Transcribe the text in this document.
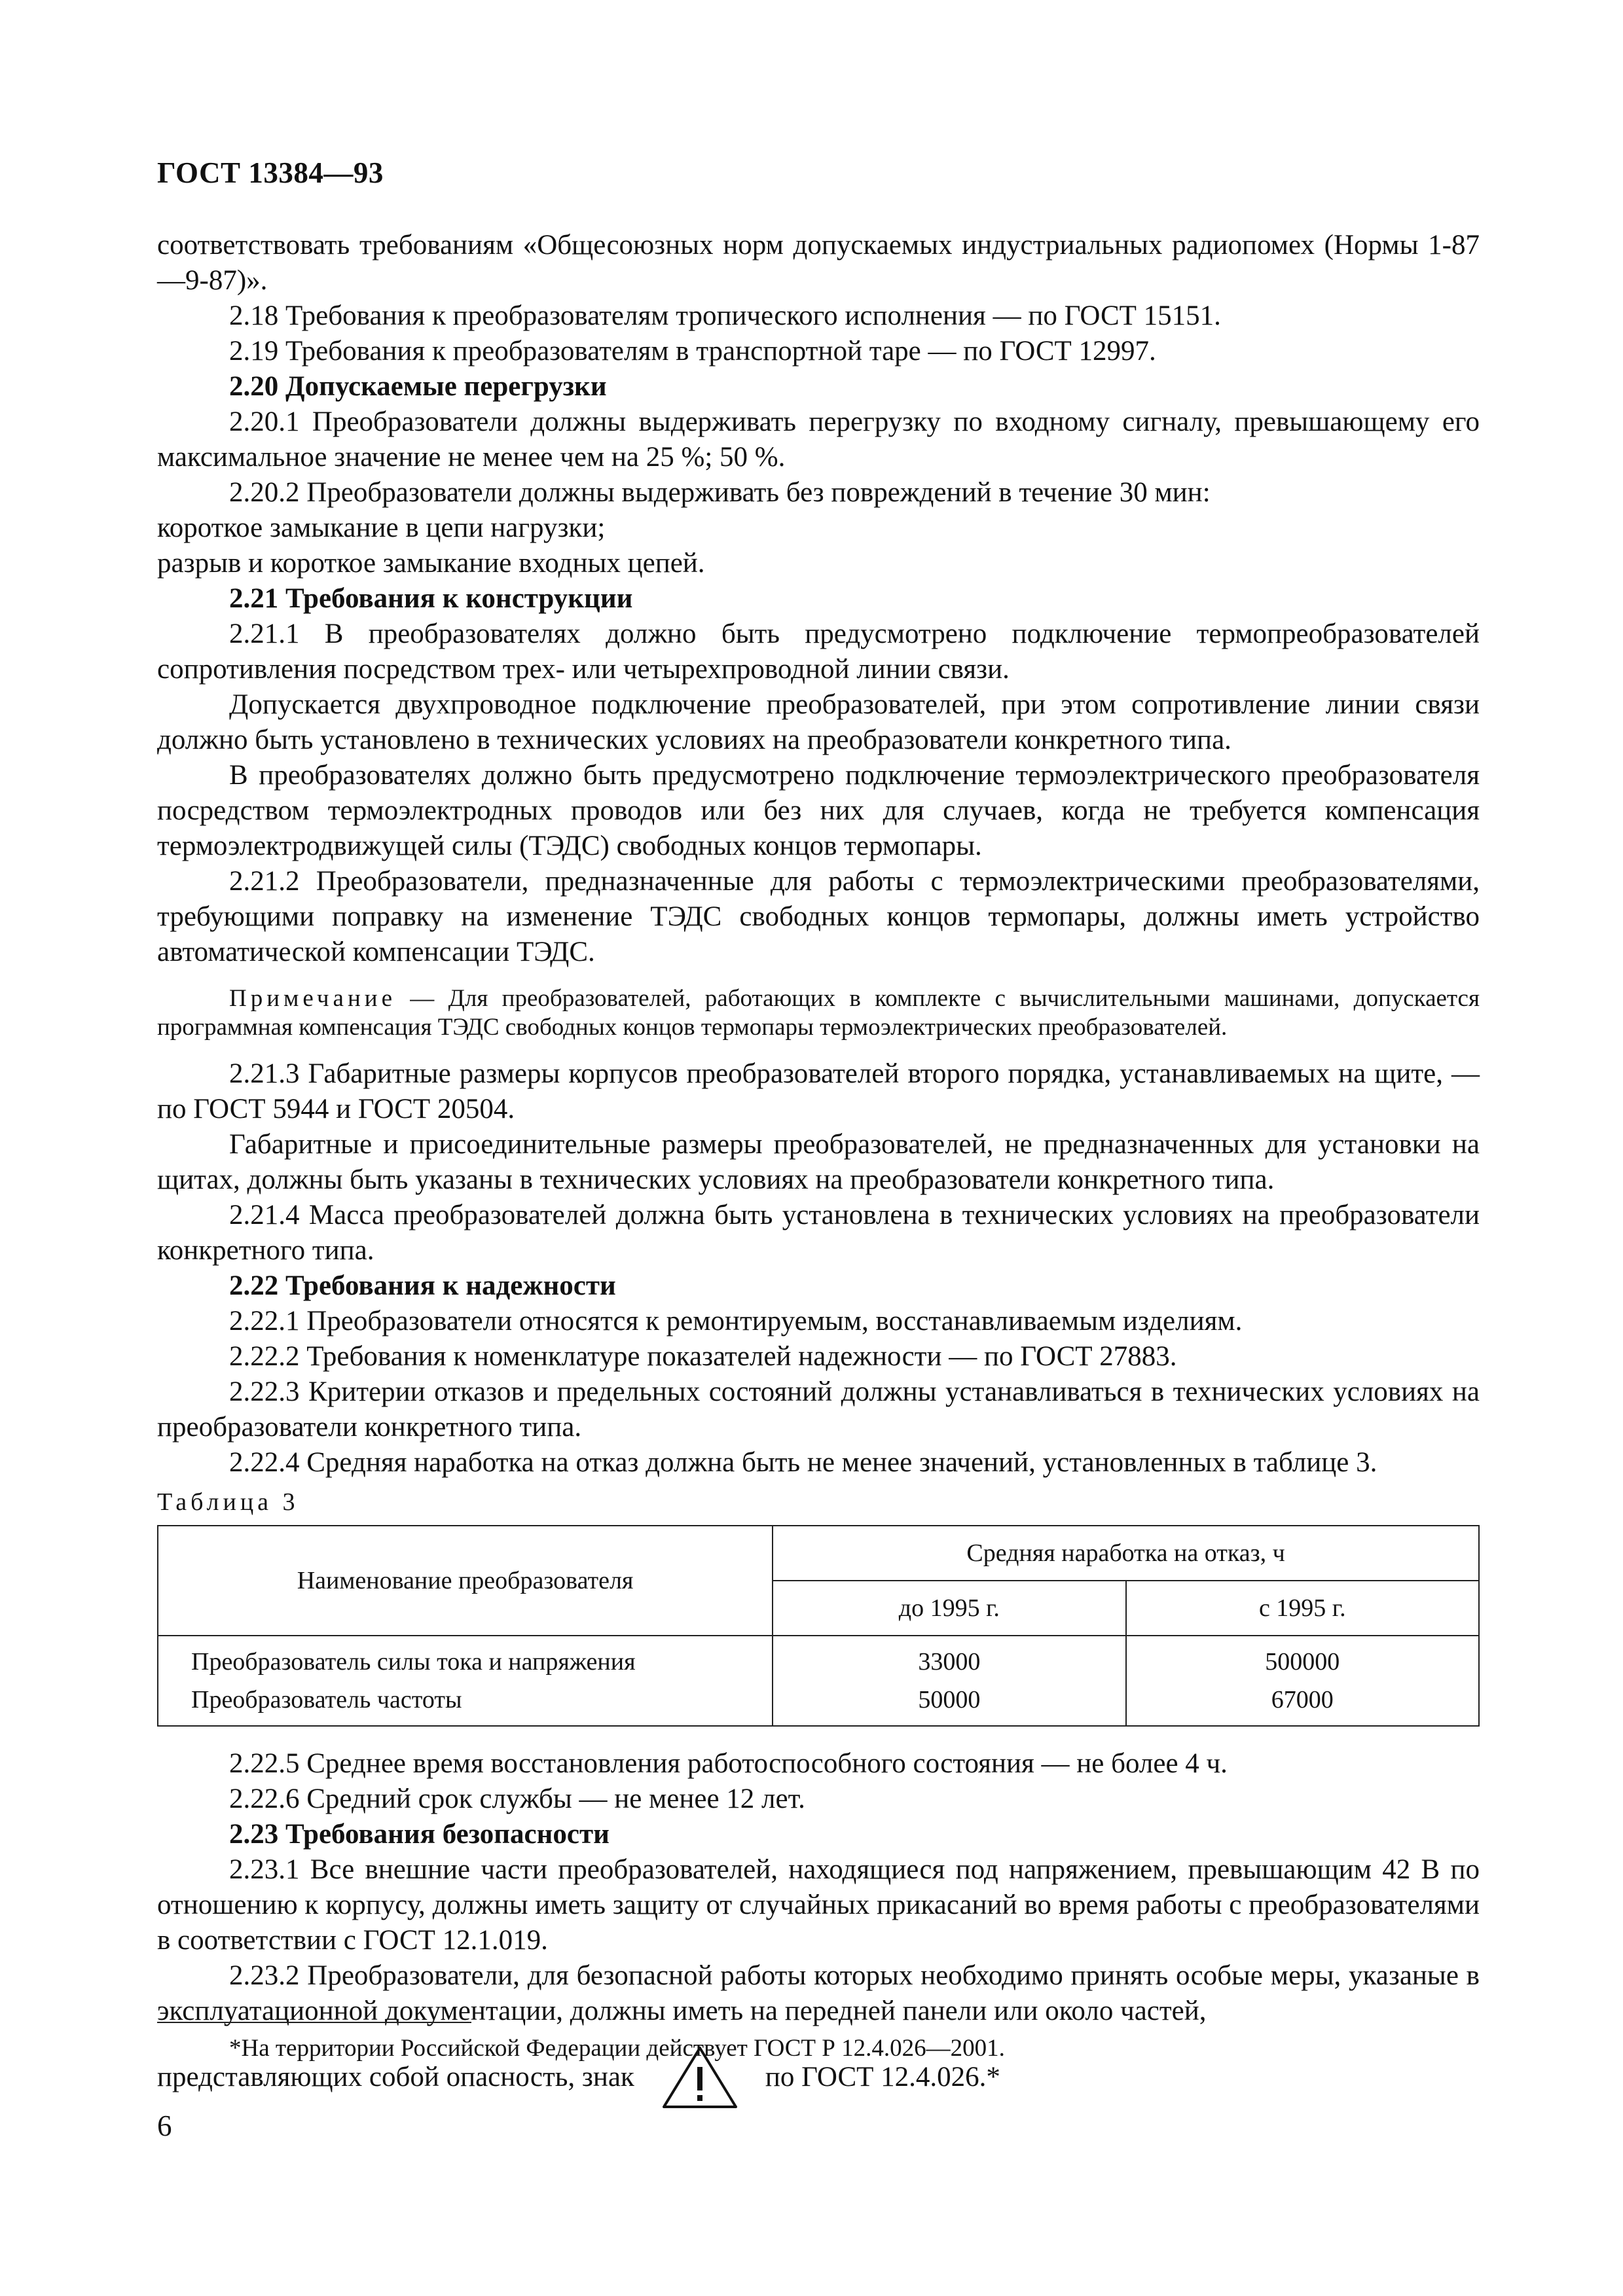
ГОСТ 13384—93

соответствовать требованиям «Общесоюзных норм допускаемых индустриальных радиопомех (Нормы 1-87—9-87)».

2.18 Требования к преобразователям тропического исполнения — по ГОСТ 15151.

2.19 Требования к преобразователям в транспортной таре — по ГОСТ 12997.

2.20 Допускаемые перегрузки

2.20.1 Преобразователи должны выдерживать перегрузку по входному сигналу, превышающему его максимальное значение не менее чем на 25 %; 50 %.

2.20.2 Преобразователи должны выдерживать без повреждений в течение 30 мин:

короткое замыкание в цепи нагрузки;

разрыв и короткое замыкание входных цепей.

2.21 Требования к конструкции

2.21.1 В преобразователях должно быть предусмотрено подключение термопреобразователей сопротивления посредством трех- или четырехпроводной линии связи.

Допускается двухпроводное подключение преобразователей, при этом сопротивление линии связи должно быть установлено в технических условиях на преобразователи конкретного типа.

В преобразователях должно быть предусмотрено подключение термоэлектрического преобразователя посредством термоэлектродных проводов или без них для случаев, когда не требуется компенсация термоэлектродвижущей силы (ТЭДС) свободных концов термопары.

2.21.2 Преобразователи, предназначенные для работы с термоэлектрическими преобразователями, требующими поправку на изменение ТЭДС свободных концов термопары, должны иметь устройство автоматической компенсации ТЭДС.

Примечание — Для преобразователей, работающих в комплекте с вычислительными машинами, допускается программная компенсация ТЭДС свободных концов термопары термоэлектрических преобразователей.

2.21.3 Габаритные размеры корпусов преобразователей второго порядка, устанавливаемых на щите, — по ГОСТ 5944 и ГОСТ 20504.

Габаритные и присоединительные размеры преобразователей, не предназначенных для установки на щитах, должны быть указаны в технических условиях на преобразователи конкретного типа.

2.21.4 Масса преобразователей должна быть установлена в технических условиях на преобразователи конкретного типа.

2.22 Требования к надежности

2.22.1 Преобразователи относятся к ремонтируемым, восстанавливаемым изделиям.

2.22.2 Требования к номенклатуре показателей надежности — по ГОСТ 27883.

2.22.3 Критерии отказов и предельных состояний должны устанавливаться в технических условиях на преобразователи конкретного типа.

2.22.4 Средняя наработка на отказ должна быть не менее значений, установленных в таблице 3.

Таблица 3

Наименование преобразователя	Средняя наработка на отказ, ч	
	до 1995 г.	с 1995 г.
Преобразователь силы тока и напряжения	33000	500000
Преобразователь частоты	50000	67000

2.22.5 Среднее время восстановления работоспособного состояния — не более 4 ч.

2.22.6 Средний срок службы — не менее 12 лет.

2.23 Требования безопасности

2.23.1 Все внешние части преобразователей, находящиеся под напряжением, превышающим 42 В по отношению к корпусу, должны иметь защиту от случайных прикасаний во время работы с преобразователями в соответствии с ГОСТ 12.1.019.

2.23.2 Преобразователи, для безопасной работы которых необходимо принять особые меры, указаные в эксплуатационной документации, должны иметь на передней панели или около частей,

представляющих собой опасность, знак	по ГОСТ 12.4.026.*

*На территории Российской Федерации действует ГОСТ Р 12.4.026—2001.
6
